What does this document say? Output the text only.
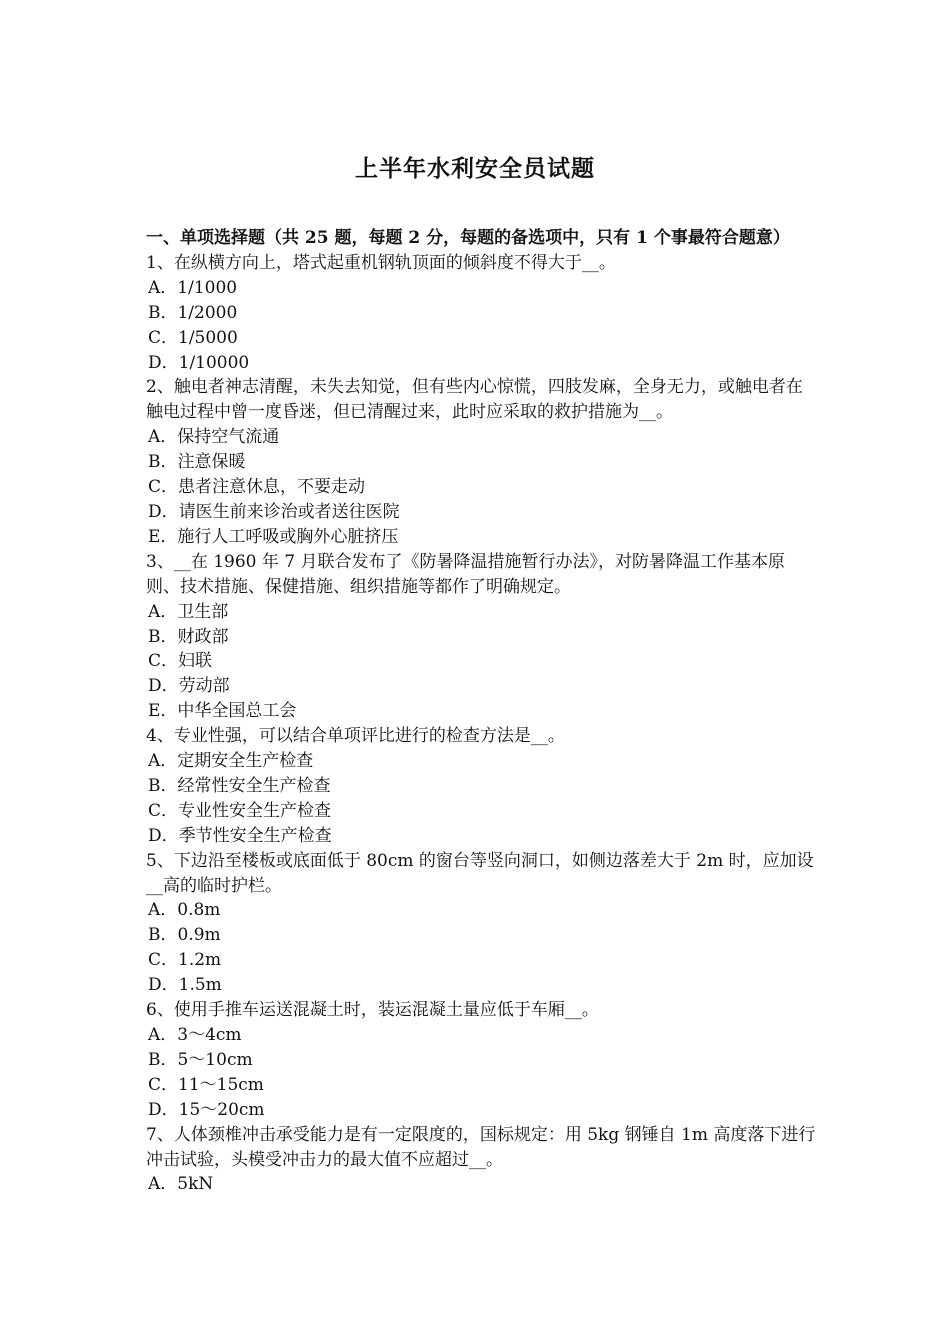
上半年水利安全员试题

一、单项选择题（共 25 题，每题 2 分，每题的备选项中，只有 1 个事最符合题意）

1、在纵横方向上，塔式起重机钢轨顶面的倾斜度不得大于__。

A．1/1000

B．1/2000

C．1/5000

D．1/10000

2、触电者神志清醒，未失去知觉，但有些内心惊慌，四肢发麻，全身无力，或触电者在触电过程中曾一度昏迷，但已清醒过来，此时应采取的救护措施为__。

A．保持空气流通

B．注意保暖

C．患者注意休息，不要走动

D．请医生前来诊治或者送往医院

E．施行人工呼吸或胸外心脏挤压

3、__在 1960 年 7 月联合发布了《防暑降温措施暂行办法》，对防暑降温工作基本原则、技术措施、保健措施、组织措施等都作了明确规定。

A．卫生部

B．财政部

C．妇联

D．劳动部

E．中华全国总工会

4、专业性强，可以结合单项评比进行的检查方法是__。

A．定期安全生产检查

B．经常性安全生产检查

C．专业性安全生产检查

D．季节性安全生产检查

5、下边沿至楼板或底面低于 80cm 的窗台等竖向洞口，如侧边落差大于 2m 时，应加设__高的临时护栏。

A．0.8m

B．0.9m

C．1.2m

D．1.5m

6、使用手推车运送混凝土时，装运混凝土量应低于车厢__。

A．3～4cm

B．5～10cm

C．11～15cm

D．15～20cm

7、人体颈椎冲击承受能力是有一定限度的，国标规定：用 5kg 钢锤自 1m 高度落下进行冲击试验，头模受冲击力的最大值不应超过__。

A．5kN
